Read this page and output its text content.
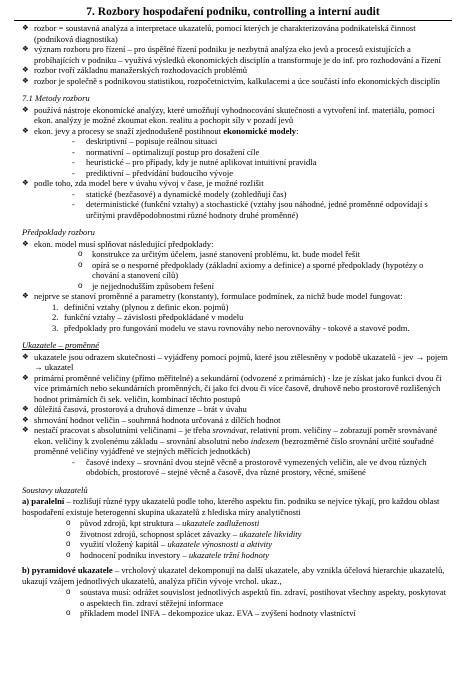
7. Rozbory hospodaření podniku, controlling a interní audit
❖ rozbor = soustavná analýza a interpretace ukazatelů, pomocí kterých je charakterizována podnikatelská činnost (podniková diagnostika)
❖ význam rozboru pro řízení – pro úspěšné řízení podniku je nezbytná analýza eko jevů a procesů existujících a probíhajících v podniku – využívá výsledků ekonomických disciplín a transformuje je do inf. pro rozhodování a řízení
❖ rozbor tvoří základnu manažerských rozhodovacích problémů
❖ rozbor je společně s podnikovou statistikou, rozpočetnictvím, kalkulacemi a úce součástí info ekonomických disciplín
7.1 Metody rozboru
❖ používá nástroje ekonomické analýzy, které umožňují vyhodnocování skutečnosti a vytvoření inf. materiálu, pomocí ekon. analýzy je možné zkoumat ekon. realitu a pochopit síly v pozadí jevů
❖ ekon. jevy a procesy se snaží zjednodušeně postihnout ekonomické modely:
- deskriptivní – popisuje reálnou situaci
- normativní – optimalizují postup pro dosažení cíle
- heuristické – pro případy, kdy je nutné aplikovat intuitivní pravidla
- prediktivní – předvídání budoucího vývoje
❖ podle toho, zda model bere v úvahu vývoj v čase, je možné rozlišit
- statické (bezčasové) a dynamické modely (zohledňují čas)
- deterministické (funkční vztahy) a stochastické (vztahy jsou náhodné, jedné proměnné odpovídají s určitými pravděpodobnostmi různé hodnoty druhé proměnné)
Předpoklady rozboru
❖ ekon. model musí splňovat následující předpoklady:
o konstrukce za určitým účelem, jasné stanovení problému, kt. bude model řešit
o opírá se o nesporné předpoklady (základní axiomy a definice) a sporné předpoklady (hypotézy o chování a stanovení cílů)
o je nejjednodušším způsobem řešení
❖ nejprve se stanoví proměnné a parametry (konstanty), formulace podmínek, za nichž bude model fungovat:
1. definiční vztahy (plynou z definic ekon. pojmů)
2. funkční vztahy – závislosti předpokládané v modelu
3. předpoklady pro fungování modelu ve stavu rovnováhy nebo nerovnováhy - tokové a stavové podm.
Ukazatele – proměnné
❖ ukazatele jsou odrazem skutečnosti – vyjádřeny pomocí pojmů, které jsou ztělesněny v podobě ukazatelů - jev → pojem → ukazatel
❖ primární proměnné veličiny (přímo měřitelné) a sekundární (odvozené z primárních) - lze je získat jako funkci dvou či více primárních nebo sekundárních proměnných, či jako fci dvou či více časově, druhově nebo prostorově rozlišených hodnot primárních či sek. veličin, kombinací těchto postupů
❖ důležitá časová, prostorová a druhová dimenze – brát v úvahu
❖ shrnování hodnot veličin – souhrnná hodnota určovaná z dílčích hodnot
❖ nestačí pracovat s absolutními veličinami – je třeba srovnávat, relativní prom. veličiny – zobrazují poměr srovnávané ekon. veličiny k zvolenému základu – srovnání absolutní nebo indexem (bezrozměrné číslo srovnání určité souřadné proměnné veličiny vyjádřené ve stejných měřících jednotkách)
- časové indexy – srovnání dvou stejně věcně a prostorově vymezených veličin, ale ve dvou různých obdobích, prostorové – stejné věcně a časově, dva různé prostory, věcné, smíšené
Soustavy ukazatelů
a) paralelní – rozlišují různé typy ukazatelů podle toho, kterého aspektu fin. podniku se nejvíce týkají, pro každou oblast hospodaření existuje heterogenní skupina ukazatelů z hlediska míry analytičnosti
o původ zdrojů, kpt struktura – ukazatele zadluženosti
o životnost zdrojů, schopnost splácet závazky – ukazatele likvidity
o využití vložený kapitál – ukazatele výnosnosti a aktivity
o hodnocení podniku investory – ukazatele tržní hodnoty
b) pyramidové ukazatele – vrcholový ukazatel dekomponují na další ukazatele, aby vznikla účelová hierarchie ukazatelů, ukazují vzájem jednotlivých ukazatelů, analýza příčin vývoje vrchol. ukaz.,
o soustava musí: odrážet souvislost jednotlivých aspektů fin. zdraví, postihovat všechny aspekty, poskytovat o aspektech fin. zdraví stěžejní informace
o příkladem model INFA – dekompozice ukaz. EVA – zvýšení hodnoty vlastníctví
